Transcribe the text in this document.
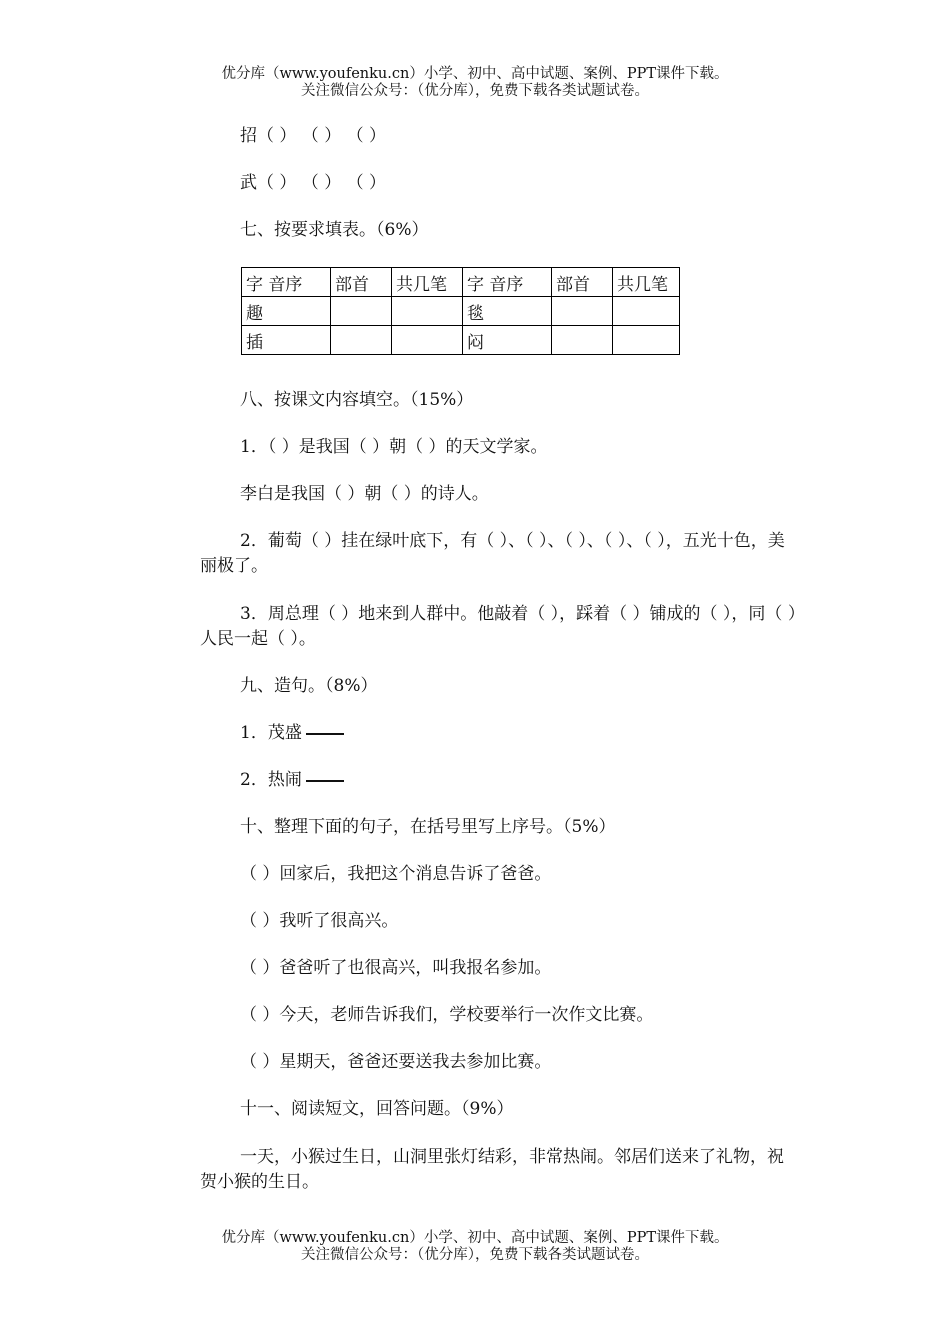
优分库（www.youfenku.cn）小学、初中、高中试题、案例、PPT课件下载。
关注微信公众号：（优分库），免费下载各类试题试卷。
招（ ） （ ） （ ）
武（ ） （ ） （ ）
七、按要求填表。（6%）
字 音序	部首	共几笔	字 音序	部首	共几笔
趣			毯		
插			闷		
八、按课文内容填空。（15%）
1．（ ）是我国（ ）朝（ ）的天文学家。
李白是我国（ ）朝（ ）的诗人。
2．葡萄（ ）挂在绿叶底下，有（ ）、（ ）、（ ）、（ ）、（ ），五光十色，美丽极了。
3．周总理（ ）地来到人群中。他敲着（ ），踩着（ ）铺成的（ ），同（ ）人民一起（ ）。
九、造句。（8%）
1．茂盛
2．热闹
十、整理下面的句子，在括号里写上序号。（5%）
（ ）回家后，我把这个消息告诉了爸爸。
（ ）我听了很高兴。
（ ）爸爸听了也很高兴，叫我报名参加。
（ ）今天，老师告诉我们，学校要举行一次作文比赛。
（ ）星期天，爸爸还要送我去参加比赛。
十一、阅读短文，回答问题。（9%）
一天，小猴过生日，山洞里张灯结彩，非常热闹。邻居们送来了礼物，祝贺小猴的生日。
优分库（www.youfenku.cn）小学、初中、高中试题、案例、PPT课件下载。
关注微信公众号：（优分库），免费下载各类试题试卷。
